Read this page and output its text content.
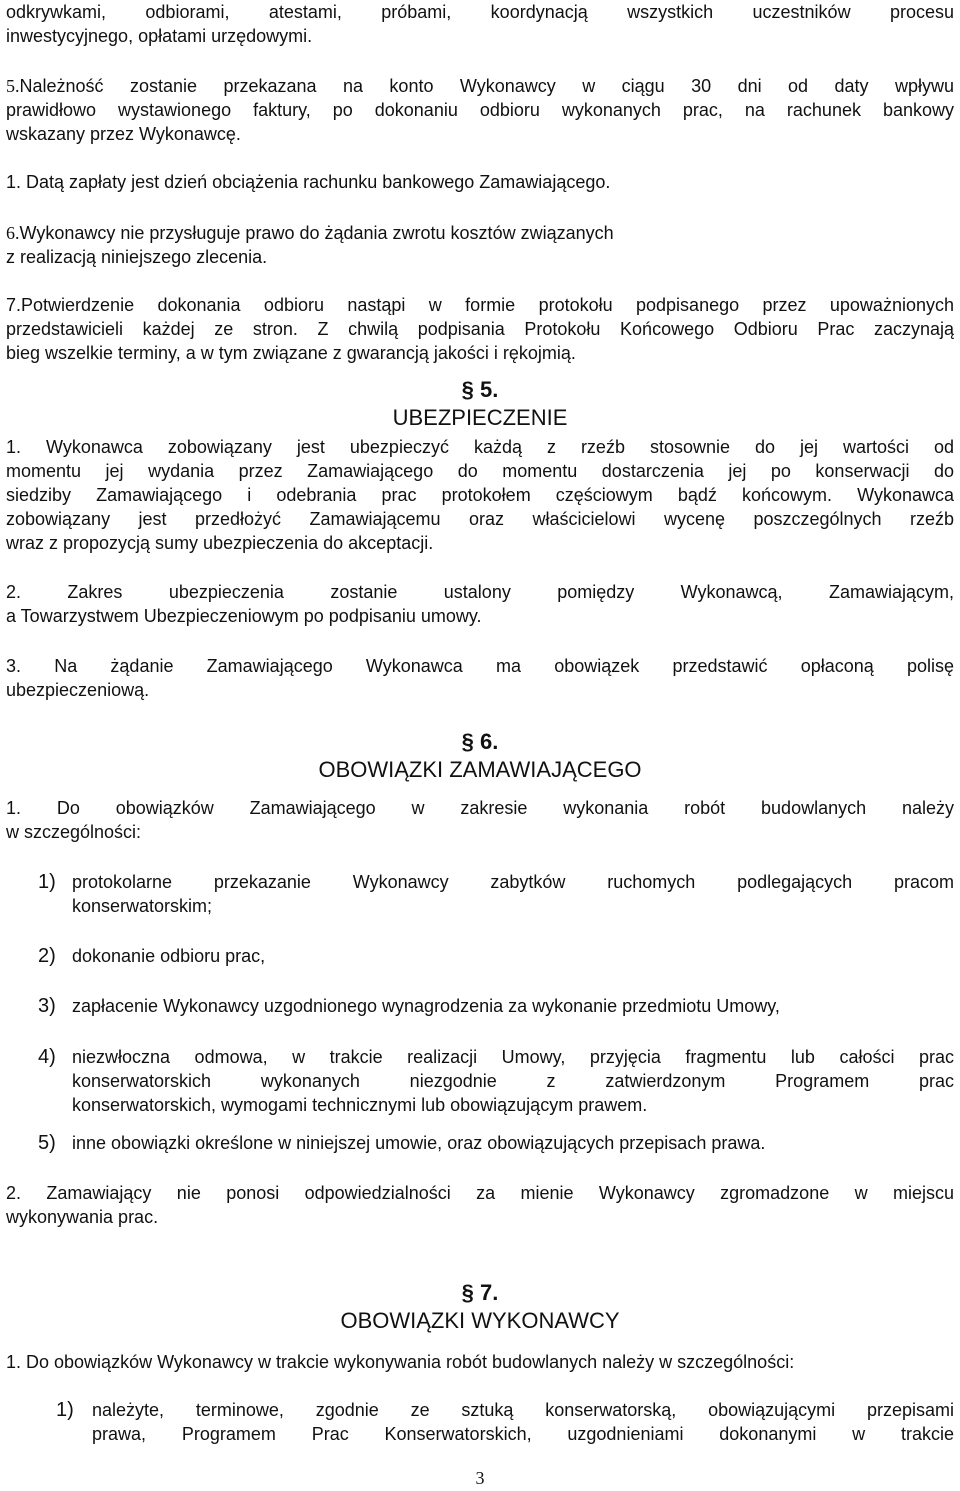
odkrywkami, odbiorami, atestami, próbami, koordynacją wszystkich uczestników procesu

inwestycyjnego, opłatami urzędowymi.

5.Należność zostanie przekazana na konto Wykonawcy w ciągu 30 dni od daty wpływu

prawidłowo wystawionego faktury, po dokonaniu odbioru wykonanych prac, na rachunek bankowy

wskazany przez Wykonawcę.

1. Datą zapłaty jest dzień obciążenia rachunku bankowego Zamawiającego.

6.Wykonawcy nie przysługuje prawo do żądania zwrotu kosztów związanych

z realizacją niniejszego zlecenia.

7.Potwierdzenie dokonania odbioru nastąpi w formie protokołu podpisanego przez upoważnionych

przedstawicieli każdej ze stron. Z chwilą podpisania Protokołu Końcowego Odbioru Prac zaczynają

bieg wszelkie terminy, a w tym związane z gwarancją jakości i rękojmią.

§ 5.

UBEZPIECZENIE

1. Wykonawca zobowiązany jest ubezpieczyć każdą z rzeźb stosownie do jej wartości od

momentu jej wydania przez Zamawiającego do momentu dostarczenia jej po konserwacji do

siedziby Zamawiającego i odebrania prac protokołem częściowym bądź końcowym. Wykonawca

zobowiązany jest przedłożyć Zamawiającemu oraz właścicielowi wycenę poszczególnych rzeźb

wraz z propozycją sumy ubezpieczenia do akceptacji.

2. Zakres ubezpieczenia zostanie ustalony pomiędzy Wykonawcą, Zamawiającym,

a Towarzystwem Ubezpieczeniowym po podpisaniu umowy.

3. Na żądanie Zamawiającego Wykonawca ma obowiązek przedstawić opłaconą polisę

ubezpieczeniową.

§ 6.

OBOWIĄZKI ZAMAWIAJĄCEGO

1. Do obowiązków Zamawiającego w zakresie wykonania robót budowlanych należy

w szczególności:

1) protokolarne przekazanie Wykonawcy zabytków ruchomych podlegających pracom

konserwatorskim;

2) dokonanie odbioru prac,

3) zapłacenie Wykonawcy uzgodnionego wynagrodzenia za wykonanie przedmiotu Umowy,

4) niezwłoczna odmowa, w trakcie realizacji Umowy, przyjęcia fragmentu lub całości prac

konserwatorskich wykonanych niezgodnie z zatwierdzonym Programem prac

konserwatorskich, wymogami technicznymi lub obowiązującym prawem.

5) inne obowiązki określone w niniejszej umowie, oraz obowiązujących przepisach prawa.

2. Zamawiający nie ponosi odpowiedzialności za mienie Wykonawcy zgromadzone w miejscu

wykonywania prac.

§ 7.

OBOWIĄZKI WYKONAWCY

1. Do obowiązków Wykonawcy w trakcie wykonywania robót budowlanych należy w szczególności:

1) należyte, terminowe, zgodnie ze sztuką konserwatorską, obowiązującymi przepisami

prawa, Programem Prac Konserwatorskich, uzgodnieniami dokonanymi w trakcie

3
